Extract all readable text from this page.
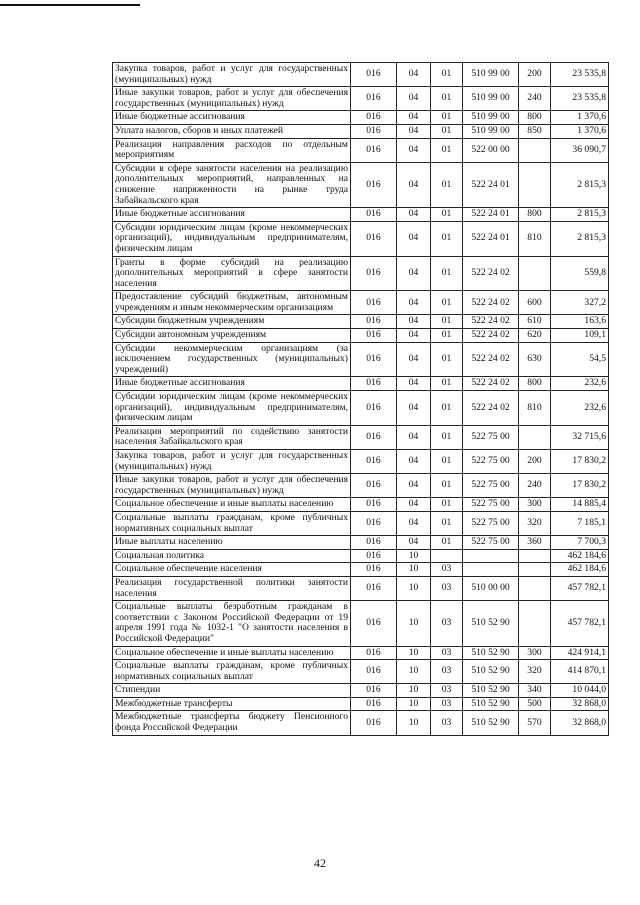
Закупка товаров, работ и услуг для государственных (муниципальных) нужд	016	04	01	510 99 00	200	23 535,8
Иные закупки товаров, работ и услуг для обеспечения государственных (муниципальных) нужд	016	04	01	510 99 00	240	23 535,8
Иные бюджетные ассигнования	016	04	01	510 99 00	800	1 370,6
Уплата налогов, сборов и иных платежей	016	04	01	510 99 00	850	1 370,6
Реализация направления расходов по отдельным мероприятиям	016	04	01	522 00 00		36 090,7
Субсидии в сфере занятости населения на реализацию дополнительных мероприятий, направленных на снижение напряженности на рынке труда Забайкальского края	016	04	01	522 24 01		2 815,3
Иные бюджетные ассигнования	016	04	01	522 24 01	800	2 815,3
Субсидии юридическим лицам (кроме некоммерческих организаций), индивидуальным предпринимателям, физическим лицам	016	04	01	522 24 01	810	2 815,3
Гранты в форме субсидий на реализацию дополнительных мероприятий в сфере занятости населения	016	04	01	522 24 02		559,8
Предоставление субсидий бюджетным, автономным учреждениям и иным некоммерческим организациям	016	04	01	522 24 02	600	327,2
Субсидии бюджетным учреждениям	016	04	01	522 24 02	610	163,6
Субсидии автономным учреждениям	016	04	01	522 24 02	620	109,1
Субсидии некоммерческим организациям (за исключением государственных (муниципальных) учреждений)	016	04	01	522 24 02	630	54,5
Иные бюджетные ассигнования	016	04	01	522 24 02	800	232,6
Субсидии юридическим лицам (кроме некоммерческих организаций), индивидуальным предпринимателям, физическим лицам	016	04	01	522 24 02	810	232,6
Реализация мероприятий по содействию занятости населения Забайкальского края	016	04	01	522 75 00		32 715,6
Закупка товаров, работ и услуг для государственных (муниципальных) нужд	016	04	01	522 75 00	200	17 830,2
Иные закупки товаров, работ и услуг для обеспечения государственных (муниципальных) нужд	016	04	01	522 75 00	240	17 830,2
Социальное обеспечение и иные выплаты населению	016	04	01	522 75 00	300	14 885,4
Социальные выплаты гражданам, кроме публичных нормативных социальных выплат	016	04	01	522 75 00	320	7 185,1
Иные выплаты населению	016	04	01	522 75 00	360	7 700,3
Социальная политика	016	10				462 184,6
Социальное обеспечение населения	016	10	03			462 184,6
Реализация государственной политики занятости населения	016	10	03	510 00 00		457 782,1
Социальные выплаты безработным гражданам в соответствии с Законом Российской Федерации от 19 апреля 1991 года № 1032-1 "О занятости населения в Российской Федерации"	016	10	03	510 52 90		457 782,1
Социальное обеспечение и иные выплаты населению	016	10	03	510 52 90	300	424 914,1
Социальные выплаты гражданам, кроме публичных нормативных социальных выплат	016	10	03	510 52 90	320	414 870,1
Стипендии	016	10	03	510 52 90	340	10 044,0
Межбюджетные трансферты	016	10	03	510 52 90	500	32 868,0
Межбюджетные трансферты бюджету Пенсионного фонда Российской Федерации	016	10	03	510 52 90	570	32 868,0
42
